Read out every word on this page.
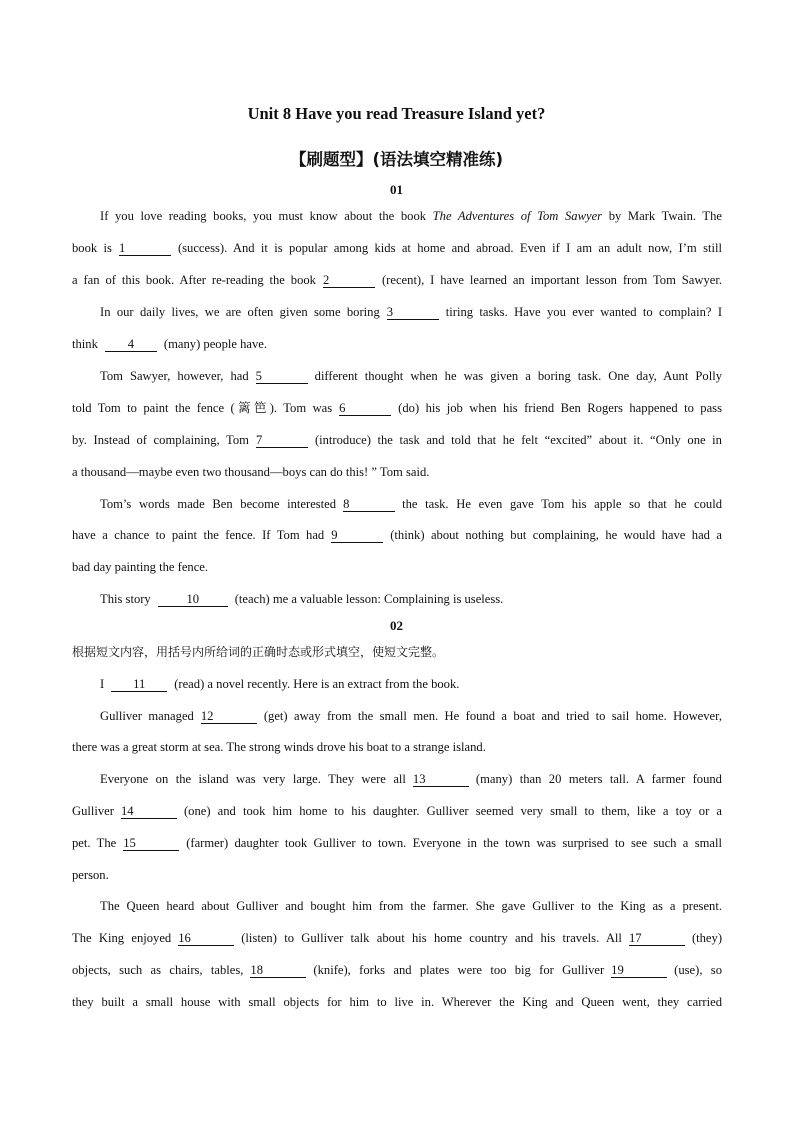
Unit 8 Have you read Treasure Island yet?
【刷题型】(语法填空精准练)
01
If you love reading books, you must know about the book The Adventures of Tom Sawyer by Mark Twain. The
book is 1	(success). And it is popular among kids at home and abroad. Even if I am an adult now, I’m still
a fan of this book. After re-reading the book 2	(recent), I have learned an important lesson from Tom Sawyer.
In our daily lives, we are often given some boring 3	tiring tasks. Have you ever wanted to complain? I
think 4 (many) people have.
Tom Sawyer, however, had 5	different thought when he was given a boring task. One day, Aunt Polly
told Tom to paint the fence (篱笆). Tom was 6	(do) his job when his friend Ben Rogers happened to pass
by. Instead of complaining, Tom 7	(introduce) the task and told that he felt “excited” about it. “Only one in
a thousand—maybe even two thousand—boys can do this! ” Tom said.
Tom’s words made Ben become interested 8	the task. He even gave Tom his apple so that he could
have a chance to paint the fence. If Tom had 9	(think) about nothing but complaining, he would have had a
bad day painting the fence.
This story	10	(teach) me a valuable lesson: Complaining is useless.
02
根据短文内容，用括号内所给词的正确时态或形式填空，使短文完整。
I 11 (read) a novel recently. Here is an extract from the book.
Gulliver managed 12	(get) away from the small men. He found a boat and tried to sail home. However,
there was a great storm at sea. The strong winds drove his boat to a strange island.
Everyone on the island was very large. They were all 13	(many) than 20 meters tall. A farmer found
Gulliver 14	(one) and took him home to his daughter. Gulliver seemed very small to them, like a toy or a
pet. The 15	(farmer) daughter took Gulliver to town. Everyone in the town was surprised to see such a small
person.
The Queen heard about Gulliver and bought him from the farmer. She gave Gulliver to the King as a present.
The King enjoyed 16	(listen) to Gulliver talk about his home country and his travels. All 17	(they)
objects, such as chairs, tables, 18	(knife), forks and plates were too big for Gulliver 19	(use), so
they built a small house with small objects for him to live in. Wherever the King and Queen went, they carried
